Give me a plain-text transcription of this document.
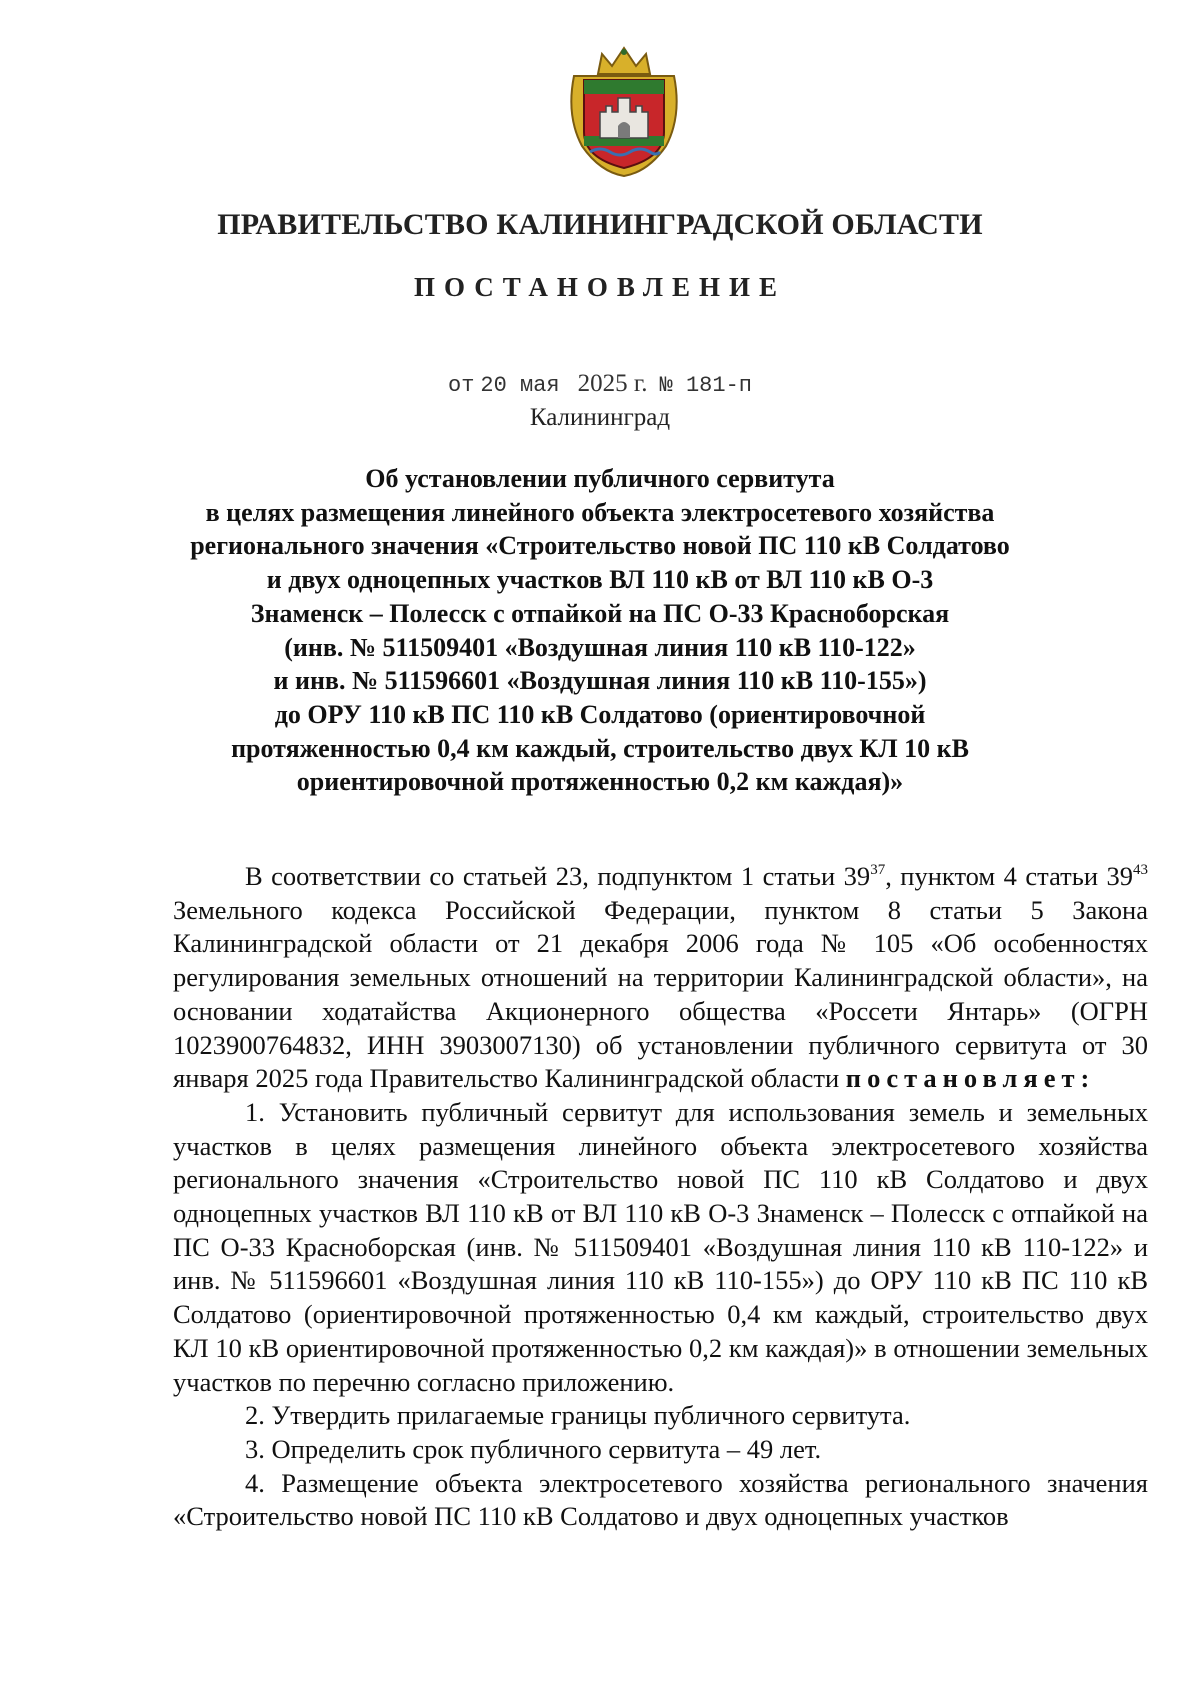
ПРАВИТЕЛЬСТВО КАЛИНИНГРАДСКОЙ ОБЛАСТИ
ПОСТАНОВЛЕНИЕ
от 20 мая 2025 г. № 181-п
Калининград
Об установлении публичного сервитута
в целях размещения линейного объекта электросетевого хозяйства
регионального значения «Строительство новой ПС 110 кВ Солдатово
и двух одноцепных участков ВЛ 110 кВ от ВЛ 110 кВ О-3
Знаменск – Полесск с отпайкой на ПС О-33 Красноборская
(инв. № 511509401 «Воздушная линия 110 кВ 110-122»
и инв. № 511596601 «Воздушная линия 110 кВ 110-155»)
до ОРУ 110 кВ ПС 110 кВ Солдатово (ориентировочной
протяженностью 0,4 км каждый, строительство двух КЛ 10 кВ
ориентировочной протяженностью 0,2 км каждая)»

В соответствии со статьей 23, подпунктом 1 статьи $39^{37}$, пунктом 4 статьи $39^{43}$ Земельного кодекса Российской Федерации, пунктом 8 статьи 5 Закона Калининградской области от 21 декабря 2006 года № 105 «Об особенностях регулирования земельных отношений на территории Калининградской области», на основании ходатайства Акционерного общества «Россети Янтарь» (ОГРН 1023900764832, ИНН 3903007130) об установлении публичного сервитута от 30 января 2025 года Правительство Калининградской области постановляет:

1. Установить публичный сервитут для использования земель и земельных участков в целях размещения линейного объекта электросетевого хозяйства регионального значения «Строительство новой ПС 110 кВ Солдатово и двух одноцепных участков ВЛ 110 кВ от ВЛ 110 кВ О-3 Знаменск – Полесск с отпайкой на ПС О-33 Красноборская (инв. № 511509401 «Воздушная линия 110 кВ 110-122» и инв. № 511596601 «Воздушная линия 110 кВ 110-155») до ОРУ 110 кВ ПС 110 кВ Солдатово (ориентировочной протяженностью 0,4 км каждый, строительство двух КЛ 10 кВ ориентировочной протяженностью 0,2 км каждая)» в отношении земельных участков по перечню согласно приложению.

2. Утвердить прилагаемые границы публичного сервитута.

3. Определить срок публичного сервитута – 49 лет.

4. Размещение объекта электросетевого хозяйства регионального значения «Строительство новой ПС 110 кВ Солдатово и двух одноцепных участков
